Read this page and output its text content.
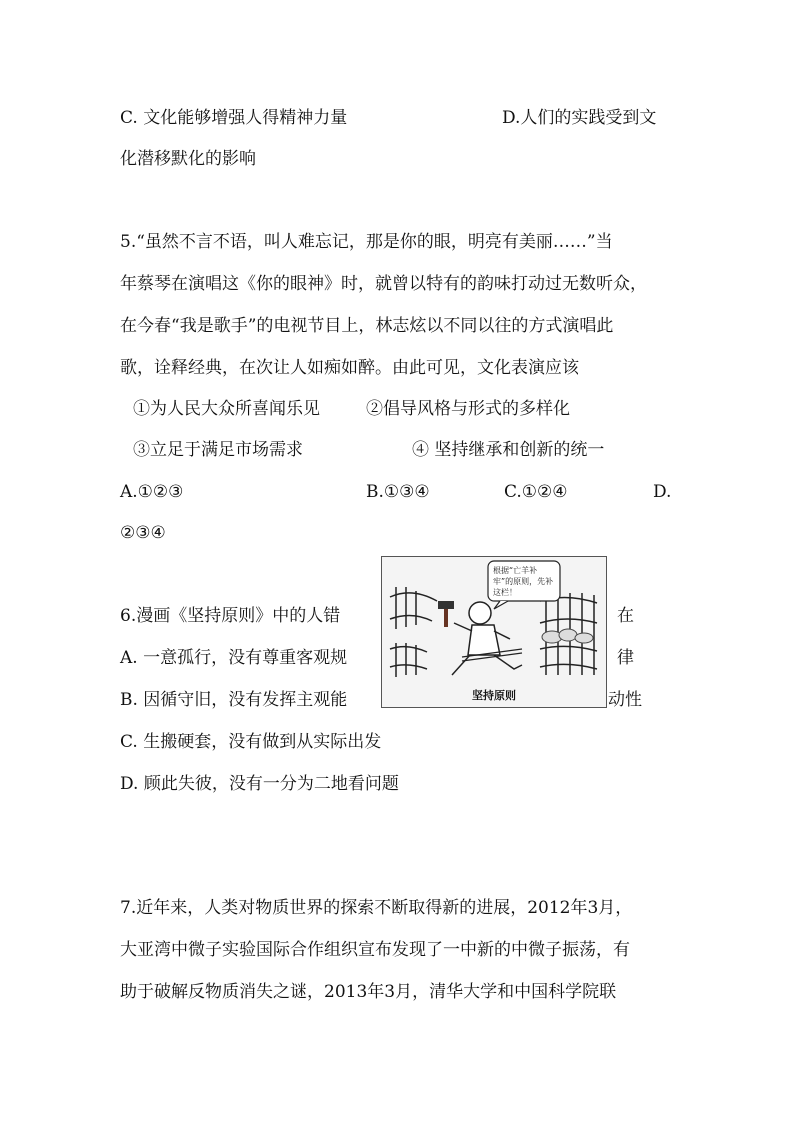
C. 文化能够增强人得精神力量	D.人们的实践受到文
化潜移默化的影响
5.“虽然不言不语，叫人难忘记，那是你的眼，明亮有美丽……”当
年蔡琴在演唱这《你的眼神》时，就曾以特有的韵味打动过无数听众，
在今春“我是歌手”的电视节目上，林志炫以不同以往的方式演唱此
歌，诠释经典，在次让人如痴如醉。由此可见，文化表演应该
①为人民大众所喜闻乐见	②倡导风格与形式的多样化
③立足于满足市场需求	④ 坚持继承和创新的统一
A.①②③	B.①③④	C.①②④	D.
②③④
6.漫画《坚持原则》中的人错	在
A. 一意孤行，没有尊重客观规	律
B. 因循守旧，没有发挥主观能	动性
C. 生搬硬套，没有做到从实际出发
D. 顾此失彼，没有一分为二地看问题
根据“亡羊补牢”的原则，先补这栏！
坚持原则
7.近年来，人类对物质世界的探索不断取得新的进展，2012年3月，
大亚湾中微子实验国际合作组织宣布发现了一中新的中微子振荡，有
助于破解反物质消失之谜，2013年3月，清华大学和中国科学院联
